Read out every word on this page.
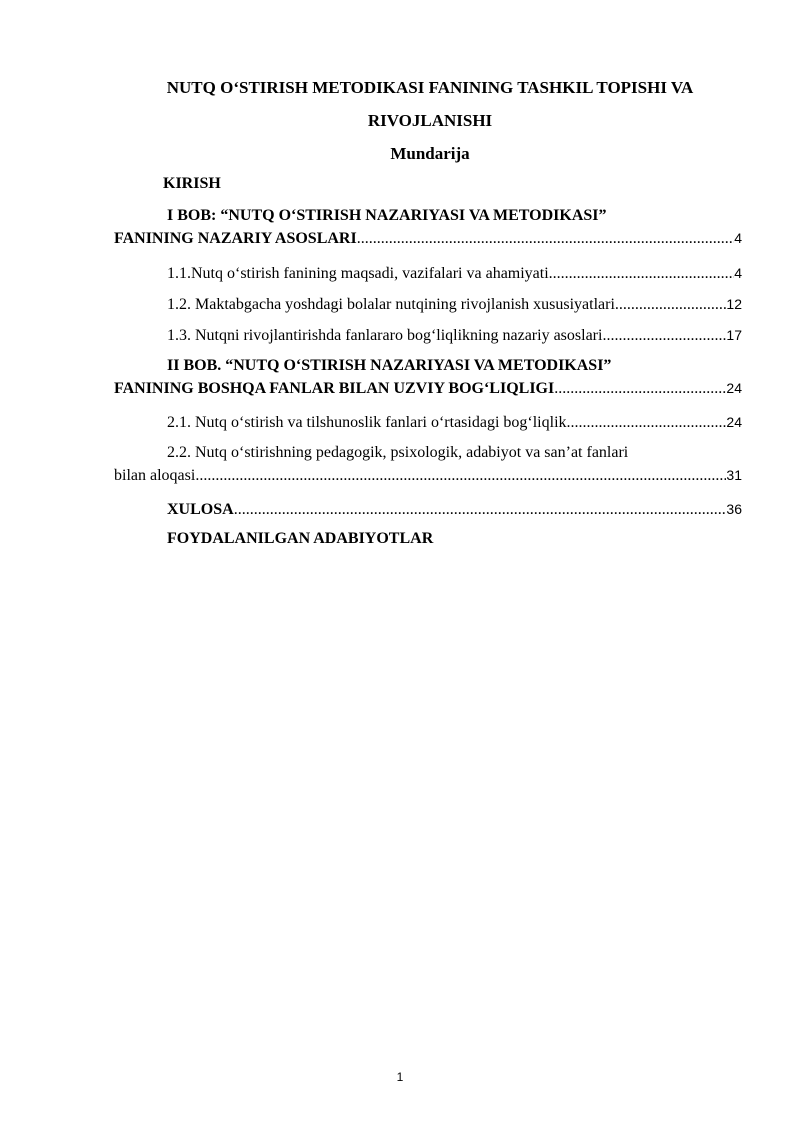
NUTQ O‘STIRISH METODIKASI FANINING TASHKIL TOPISHI VA

RIVOJLANISHI

Mundarija

KIRISH
I BOB: “NUTQ O‘STIRISH NAZARIYASI VA METODIKASI”
FANINING NAZARIY ASOSLARI .....	4
1.1.Nutq o‘stirish fanining maqsadi, vazifalari va ahamiyati .....	4
1.2. Maktabgacha yoshdagi bolalar nutqining rivojlanish xususiyatlari .....	12
1.3. Nutqni rivojlantirishda fanlararo bog‘liqlikning nazariy asoslari .....	17
II BOB. “NUTQ O‘STIRISH NAZARIYASI VA METODIKASI”
FANINING BOSHQA FANLAR BILAN UZVIY BOG‘LIQLIGI .....	24
2.1. Nutq o‘stirish va tilshunoslik fanlari o‘rtasidagi bog‘liqlik .....	24
2.2. Nutq o‘stirishning pedagogik, psixologik, adabiyot va san’at fanlari
bilan aloqasi .....	31
XULOSA .....	36
FOYDALANILGAN ADABIYOTLAR
1
